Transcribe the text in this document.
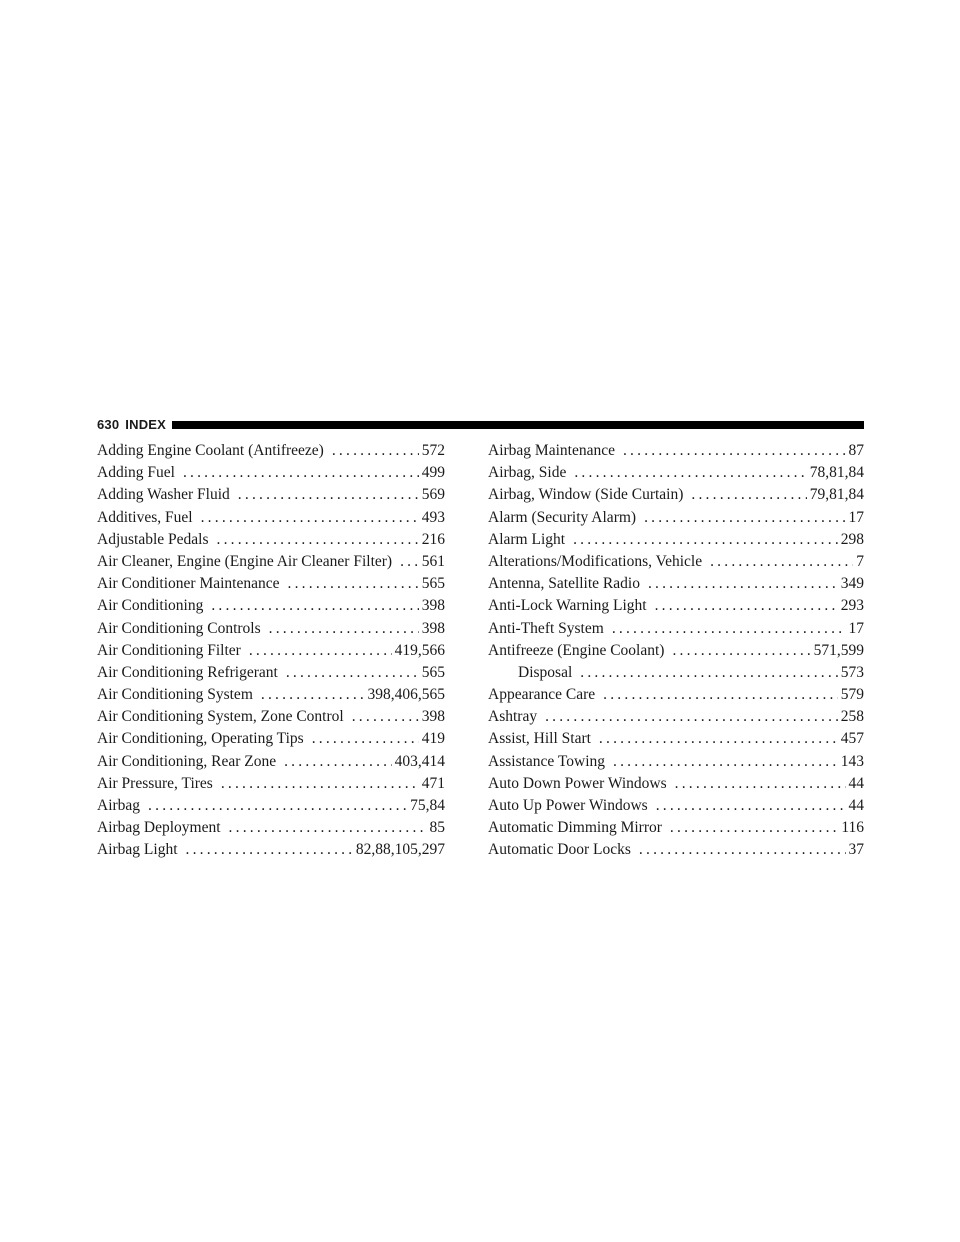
630 INDEX
Adding Engine Coolant (Antifreeze) .....	572
Adding Fuel .....	499
Adding Washer Fluid .....	569
Additives, Fuel .....	493
Adjustable Pedals .....	216
Air Cleaner, Engine (Engine Air Cleaner Filter) ..... 561
Air Conditioner Maintenance .....	565
Air Conditioning .....	398
Air Conditioning Controls .....	398
Air Conditioning Filter .....	419,566
Air Conditioning Refrigerant .....	565
Air Conditioning System .....	398,406,565
Air Conditioning System, Zone Control .....	398
Air Conditioning, Operating Tips .....	419
Air Conditioning, Rear Zone .....	403,414
Air Pressure, Tires .....	471
Airbag .....	75,84
Airbag Deployment .....	85
Airbag Light .....	82,88,105,297
Airbag Maintenance .....	87
Airbag, Side .....	78,81,84
Airbag, Window (Side Curtain) .....	79,81,84
Alarm (Security Alarm) .....	17
Alarm Light .....	298
Alterations/Modifications, Vehicle .....	7
Antenna, Satellite Radio .....	349
Anti-Lock Warning Light .....	293
Anti-Theft System .....	17
Antifreeze (Engine Coolant) .....	571,599
Disposal .....	573
Appearance Care .....	579
Ashtray .....	258
Assist, Hill Start .....	457
Assistance Towing .....	143
Auto Down Power Windows .....	44
Auto Up Power Windows .....	44
Automatic Dimming Mirror .....	116
Automatic Door Locks .....	37
